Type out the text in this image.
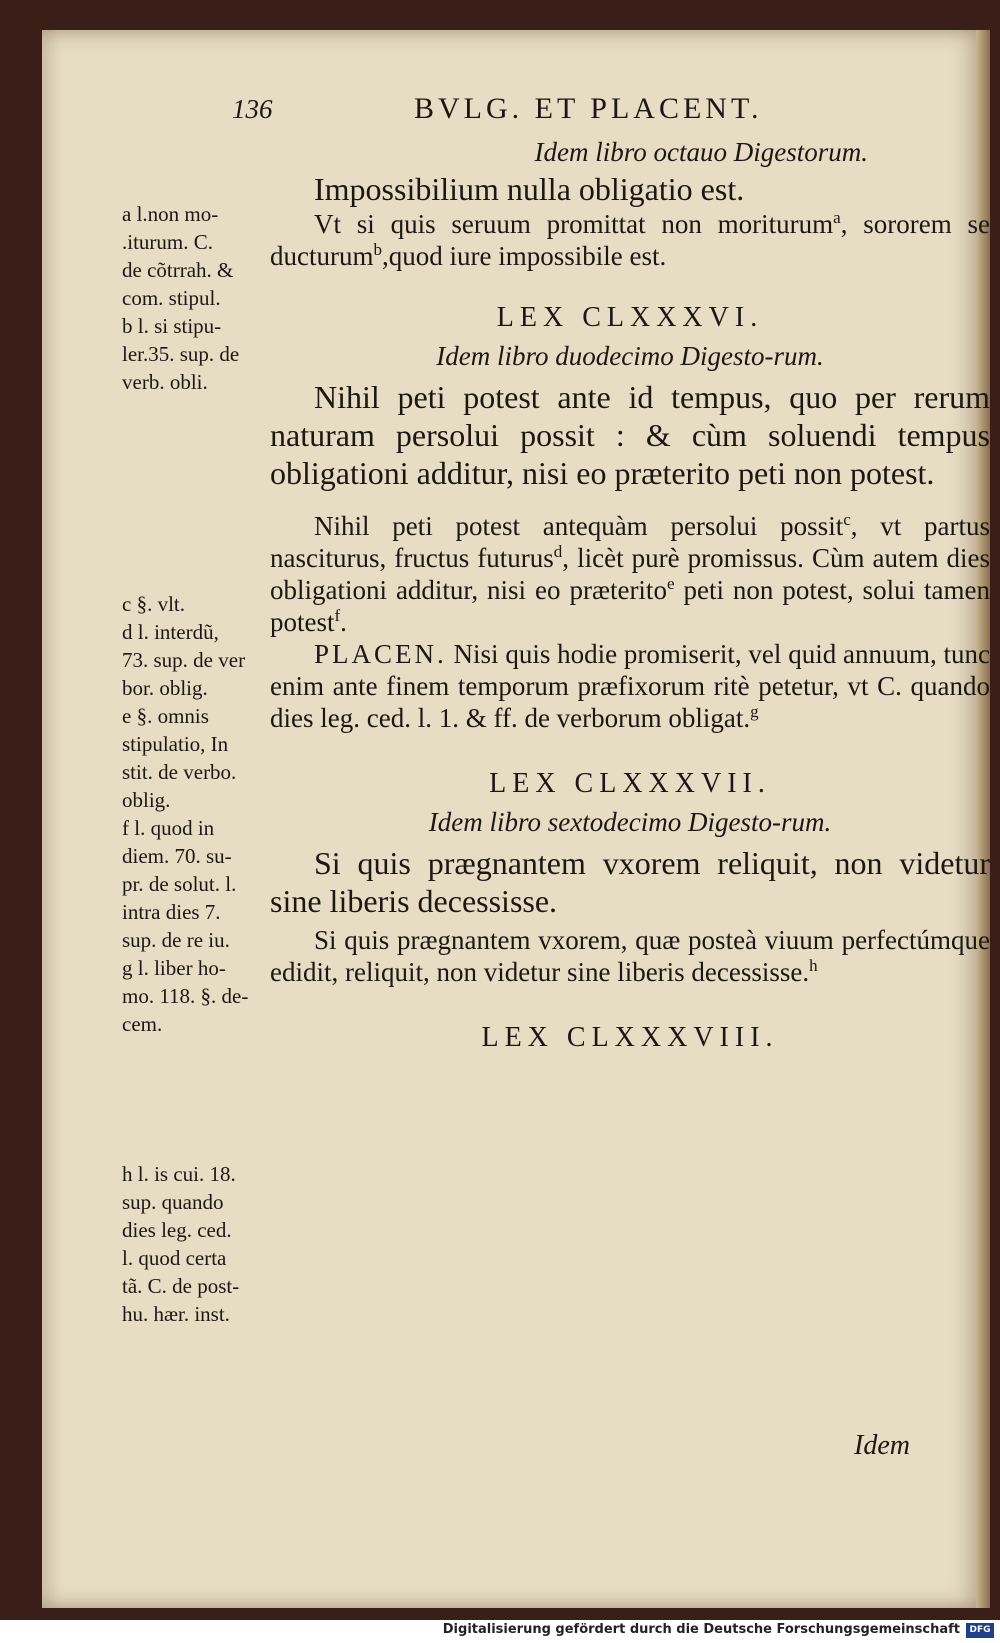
136	BVLG. ET PLACENT.

a l.non mo-

.iturum. C.

de cõtrrah. &

com. stipul.

b l. si stipu-

ler.35. sup. de

verb. obli.

c §. vlt.

d l. interdũ,

73. sup. de ver

bor. oblig.

e §. omnis

stipulatio, In

stit. de verbo.

oblig.

f l. quod in

diem. 70. su-

pr. de solut. l.

intra dies 7.

sup. de re iu.

g l. liber ho-

mo. 118. §. de-

cem.

h l. is cui. 18.

sup. quando

dies leg. ced.

l. quod certa

tã. C. de post-

hu. hær. inst.

Idem libro octauo Digestorum.
Impossibilium nulla obligatio est.
Vt si quis seruum promittat non moriturum$^a$, sororem se ducturum$^b$,quod iure impossibile est.
LEX CLXXXVI.
Idem libro duodecimo Digesto-rum.
Nihil peti potest ante id tempus, quo per rerum naturam persolui possit : & cùm soluendi tempus obligationi additur, nisi eo præterito peti non potest.
Nihil peti potest antequàm persolui possit$^c$, vt partus nasciturus, fructus futurus$^d$, licèt purè promissus. Cùm autem dies obligationi additur, nisi eo præterito$^e$ peti non potest, solui tamen potest$^f$.
PLACEN. Nisi quis hodie promiserit, vel quid annuum, tunc enim ante finem temporum præfixorum ritè petetur, vt C. quando dies leg. ced. l. 1. & ff. de verborum obligat.$^g$
LEX CLXXXVII.
Idem libro sextodecimo Digesto-rum.
Si quis prægnantem vxorem reliquit, non videtur sine liberis decessisse.
Si quis prægnantem vxorem, quæ posteà viuum perfectúmque edidit, reliquit, non videtur sine liberis decessisse.$^h$
LEX CLXXXVIII.
Idem
Digitalisierung gefördert durch die Deutsche Forschungsgemeinschaft	DFG
